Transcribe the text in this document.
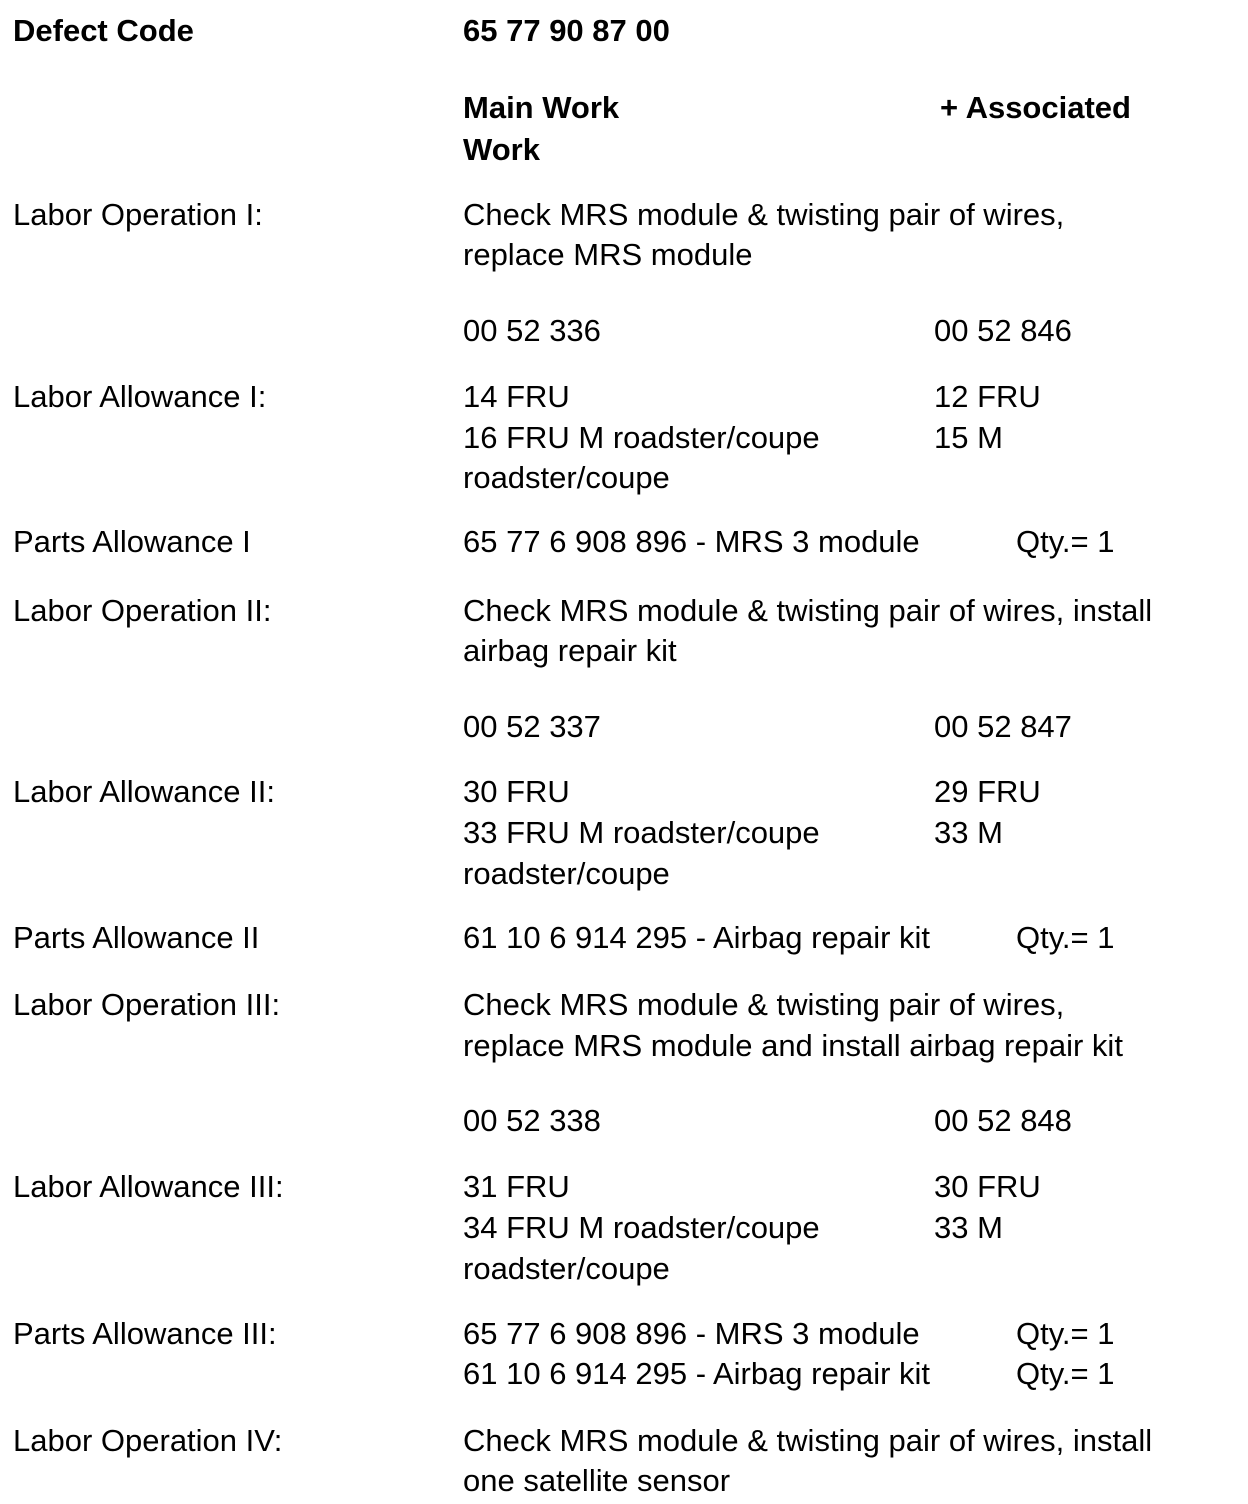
Defect Code	65 77 90 87 00
Main Work	+ Associated
Work
Labor Operation I:	Check MRS module & twisting pair of wires,
replace MRS module
00 52 336	00 52 846
Labor Allowance I:	14 FRU	12 FRU
16 FRU M roadster/coupe	15 M
roadster/coupe
Parts Allowance I	65 77 6 908 896 - MRS 3 module	Qty.= 1
Labor Operation II:	Check MRS module & twisting pair of wires, install
airbag repair kit
00 52 337	00 52 847
Labor Allowance II:	30 FRU	29 FRU
33 FRU M roadster/coupe	33 M
roadster/coupe
Parts Allowance II	61 10 6 914 295 - Airbag repair kit	Qty.= 1
Labor Operation III:	Check MRS module & twisting pair of wires,
replace MRS module and install airbag repair kit
00 52 338	00 52 848
Labor Allowance III:	31 FRU	30 FRU
34 FRU M roadster/coupe	33 M
roadster/coupe
Parts Allowance III:	65 77 6 908 896 - MRS 3 module	Qty.= 1
61 10 6 914 295 - Airbag repair kit	Qty.= 1
Labor Operation IV:	Check MRS module & twisting pair of wires, install
one satellite sensor
